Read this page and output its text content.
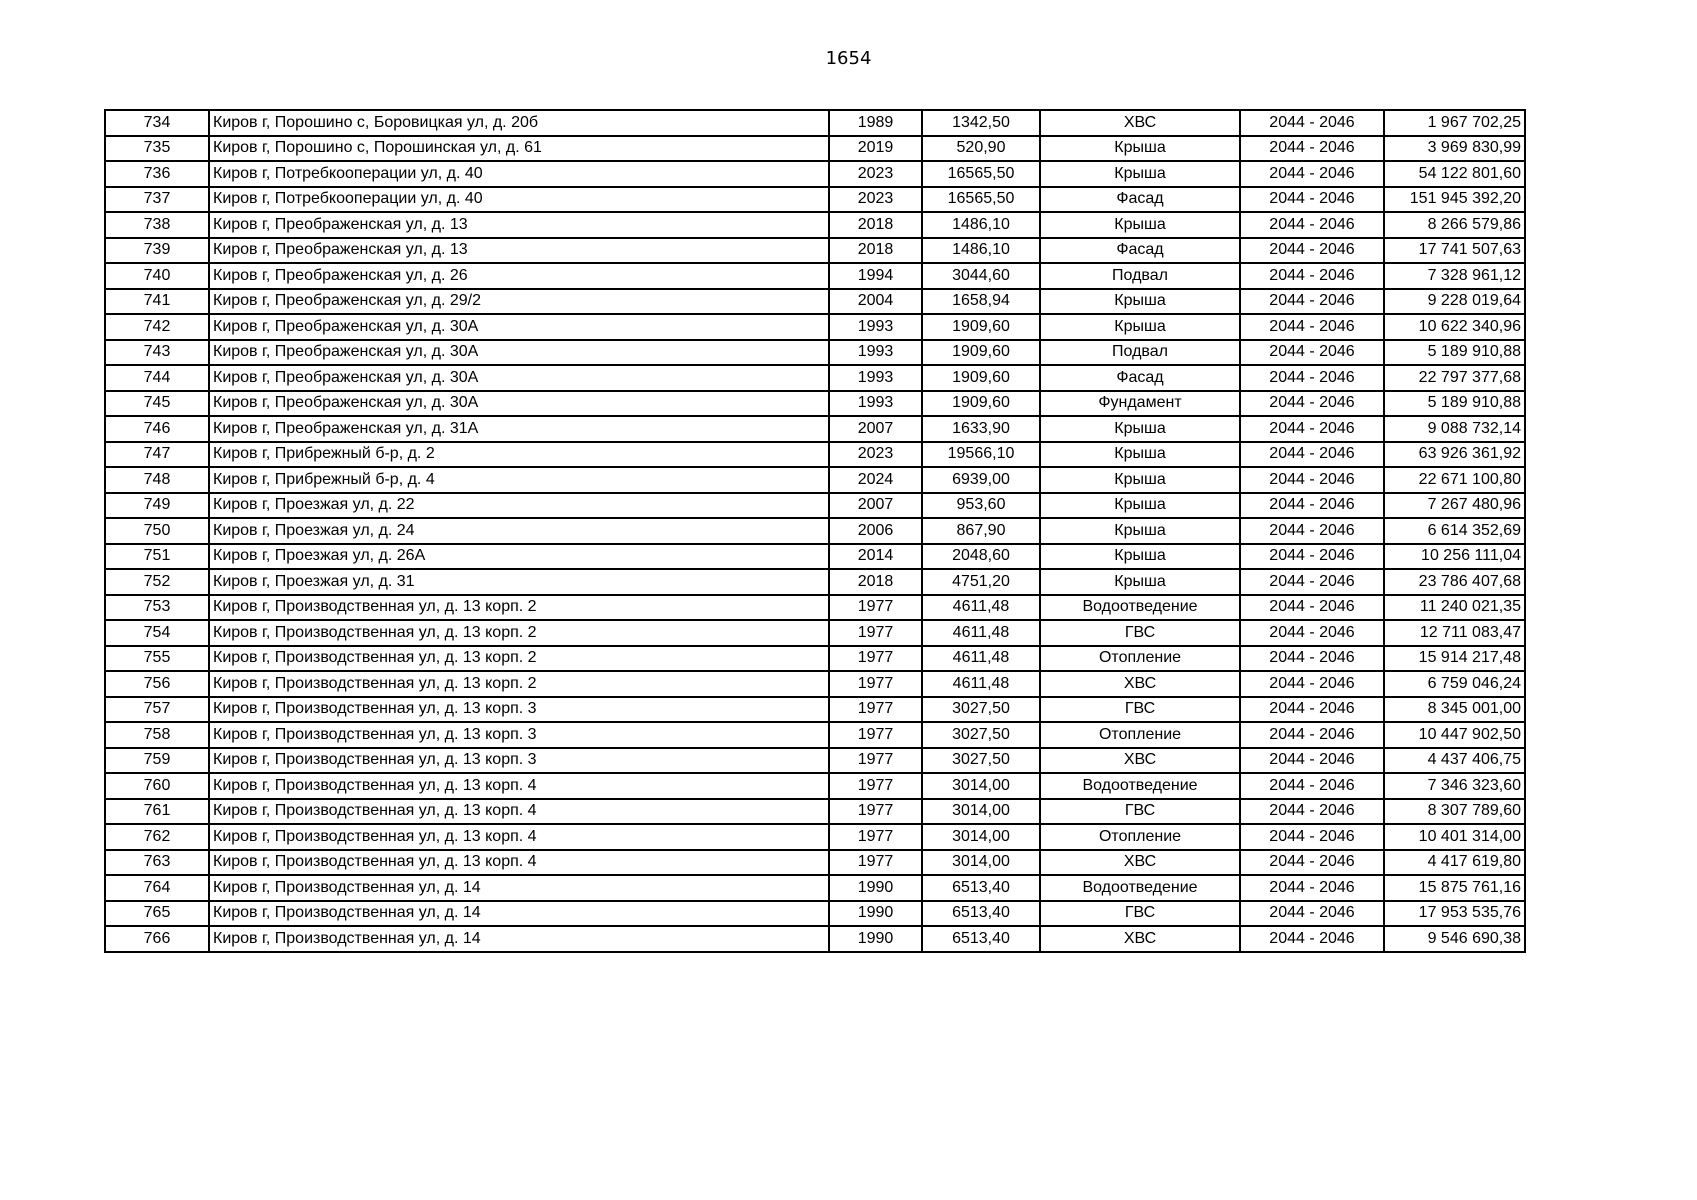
1654
734	Киров г, Порошино с, Боровицкая ул, д. 20б	1989	1342,50	ХВС	2044 - 2046	1 967 702,25
735	Киров г, Порошино с, Порошинская ул, д. 61	2019	520,90	Крыша	2044 - 2046	3 969 830,99
736	Киров г, Потребкооперации ул, д. 40	2023	16565,50	Крыша	2044 - 2046	54 122 801,60
737	Киров г, Потребкооперации ул, д. 40	2023	16565,50	Фасад	2044 - 2046	151 945 392,20
738	Киров г, Преображенская ул, д. 13	2018	1486,10	Крыша	2044 - 2046	8 266 579,86
739	Киров г, Преображенская ул, д. 13	2018	1486,10	Фасад	2044 - 2046	17 741 507,63
740	Киров г, Преображенская ул, д. 26	1994	3044,60	Подвал	2044 - 2046	7 328 961,12
741	Киров г, Преображенская ул, д. 29/2	2004	1658,94	Крыша	2044 - 2046	9 228 019,64
742	Киров г, Преображенская ул, д. 30А	1993	1909,60	Крыша	2044 - 2046	10 622 340,96
743	Киров г, Преображенская ул, д. 30А	1993	1909,60	Подвал	2044 - 2046	5 189 910,88
744	Киров г, Преображенская ул, д. 30А	1993	1909,60	Фасад	2044 - 2046	22 797 377,68
745	Киров г, Преображенская ул, д. 30А	1993	1909,60	Фундамент	2044 - 2046	5 189 910,88
746	Киров г, Преображенская ул, д. 31А	2007	1633,90	Крыша	2044 - 2046	9 088 732,14
747	Киров г, Прибрежный б-р, д. 2	2023	19566,10	Крыша	2044 - 2046	63 926 361,92
748	Киров г, Прибрежный б-р, д. 4	2024	6939,00	Крыша	2044 - 2046	22 671 100,80
749	Киров г, Проезжая ул, д. 22	2007	953,60	Крыша	2044 - 2046	7 267 480,96
750	Киров г, Проезжая ул, д. 24	2006	867,90	Крыша	2044 - 2046	6 614 352,69
751	Киров г, Проезжая ул, д. 26А	2014	2048,60	Крыша	2044 - 2046	10 256 111,04
752	Киров г, Проезжая ул, д. 31	2018	4751,20	Крыша	2044 - 2046	23 786 407,68
753	Киров г, Производственная ул, д. 13 корп. 2	1977	4611,48	Водоотведение	2044 - 2046	11 240 021,35
754	Киров г, Производственная ул, д. 13 корп. 2	1977	4611,48	ГВС	2044 - 2046	12 711 083,47
755	Киров г, Производственная ул, д. 13 корп. 2	1977	4611,48	Отопление	2044 - 2046	15 914 217,48
756	Киров г, Производственная ул, д. 13 корп. 2	1977	4611,48	ХВС	2044 - 2046	6 759 046,24
757	Киров г, Производственная ул, д. 13 корп. 3	1977	3027,50	ГВС	2044 - 2046	8 345 001,00
758	Киров г, Производственная ул, д. 13 корп. 3	1977	3027,50	Отопление	2044 - 2046	10 447 902,50
759	Киров г, Производственная ул, д. 13 корп. 3	1977	3027,50	ХВС	2044 - 2046	4 437 406,75
760	Киров г, Производственная ул, д. 13 корп. 4	1977	3014,00	Водоотведение	2044 - 2046	7 346 323,60
761	Киров г, Производственная ул, д. 13 корп. 4	1977	3014,00	ГВС	2044 - 2046	8 307 789,60
762	Киров г, Производственная ул, д. 13 корп. 4	1977	3014,00	Отопление	2044 - 2046	10 401 314,00
763	Киров г, Производственная ул, д. 13 корп. 4	1977	3014,00	ХВС	2044 - 2046	4 417 619,80
764	Киров г, Производственная ул, д. 14	1990	6513,40	Водоотведение	2044 - 2046	15 875 761,16
765	Киров г, Производственная ул, д. 14	1990	6513,40	ГВС	2044 - 2046	17 953 535,76
766	Киров г, Производственная ул, д. 14	1990	6513,40	ХВС	2044 - 2046	9 546 690,38
